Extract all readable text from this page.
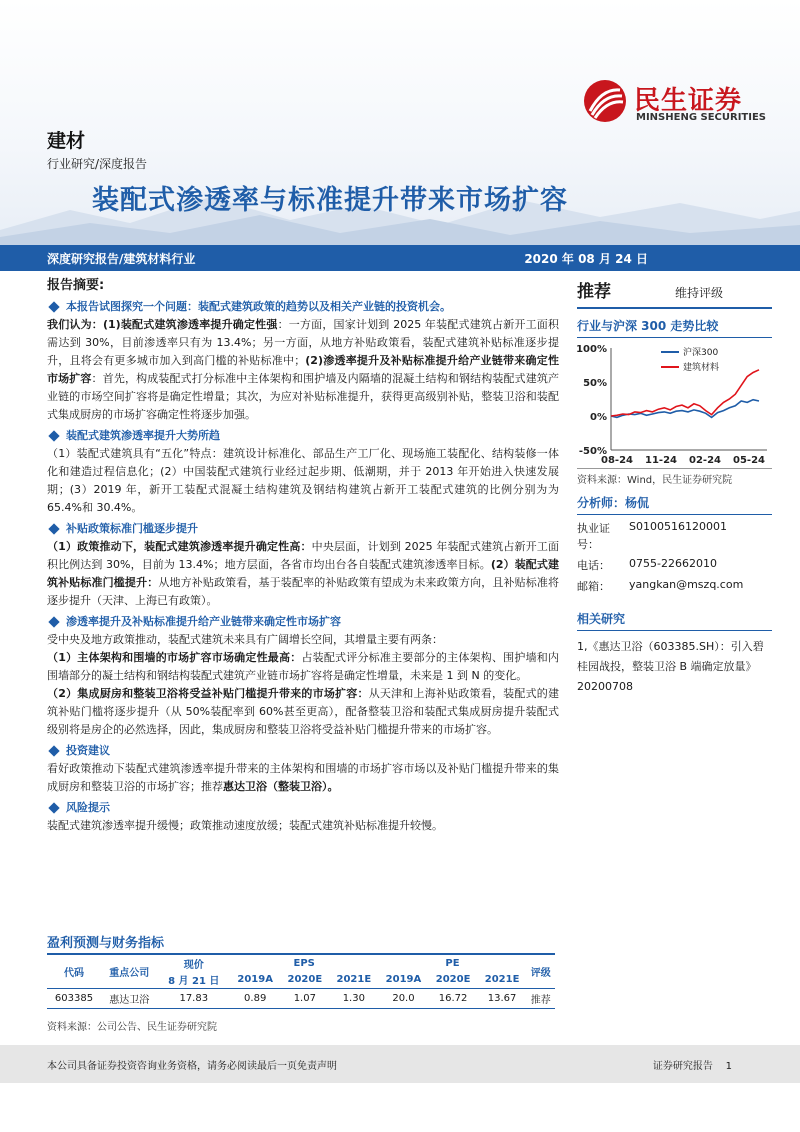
民生证券
MINSHENG SECURITIES
建材
行业研究/深度报告
装配式渗透率与标准提升带来市场扩容
深度研究报告/建筑材料行业	2020 年 08 月 24 日
报告摘要:
本报告试图探究一个问题：装配式建筑政策的趋势以及相关产业链的投资机会。

我们认为：(1)装配式建筑渗透率提升确定性强：一方面，国家计划到 2025 年装配式建筑占新开工面积需达到 30%，目前渗透率只有为 13.4%；另一方面，从地方补贴政策看，装配式建筑补贴标准逐步提升，且将会有更多城市加入到高门槛的补贴标准中；(2)渗透率提升及补贴标准提升给产业链带来确定性市场扩容：首先，构成装配式打分标准中主体架构和围护墙及内隔墙的混凝土结构和钢结构装配式建筑产业链的市场空间扩容将是确定性增量；其次，为应对补贴标准提升，获得更高级别补贴，整装卫浴和装配式集成厨房的市场扩容确定性将逐步加强。

装配式建筑渗透率提升大势所趋

（1）装配式建筑具有“五化”特点：建筑设计标准化、部品生产工厂化、现场施工装配化、结构装修一体化和建造过程信息化；(2）中国装配式建筑行业经过起步期、低潮期，并于 2013 年开始进入快速发展期；(3）2019 年，新开工装配式混凝土结构建筑及钢结构建筑占新开工装配式建筑的比例分别为为 65.4%和 30.4%。

补贴政策标准门槛逐步提升

（1）政策推动下，装配式建筑渗透率提升确定性高：中央层面，计划到 2025 年装配式建筑占新开工面积比例达到 30%，目前为 13.4%；地方层面，各省市均出台各自装配式建筑渗透率目标。(2）装配式建筑补贴标准门槛提升：从地方补贴政策看，基于装配率的补贴政策有望成为未来政策方向，且补贴标准将逐步提升（天津、上海已有政策）。

渗透率提升及补贴标准提升给产业链带来确定性市场扩容

受中央及地方政策推动，装配式建筑未来具有广阔增长空间，其增量主要有两条：

（1）主体架构和围墙的市场扩容市场确定性最高：占装配式评分标准主要部分的主体架构、围护墙和内围墙部分的凝土结构和钢结构装配式建筑产业链市场扩容将是确定性增量，未来是 1 到 N 的变化。

（2）集成厨房和整装卫浴将受益补贴门槛提升带来的市场扩容：从天津和上海补贴政策看，装配式的建筑补贴门槛将逐步提升（从 50%装配率到 60%甚至更高），配备整装卫浴和装配式集成厨房提升装配式级别将是房企的必然选择，因此，集成厨房和整装卫浴将受益补贴门槛提升带来的市场扩容。

投资建议

看好政策推动下装配式建筑渗透率提升带来的主体架构和围墙的市场扩容市场以及补贴门槛提升带来的集成厨房和整装卫浴的市场扩容；推荐惠达卫浴（整装卫浴）。

风险提示

装配式建筑渗透率提升缓慢；政策推动速度放缓；装配式建筑补贴标准提升较慢。

推荐	维持评级
行业与沪深 300 走势比较
100%
50%
0%
-50%
08-24 11-24 02-24 05-24
沪深300
建筑材料
资料来源：Wind，民生证券研究院
分析师：杨侃
执业证号：
S0100516120001
电话：	0755-22662010
邮箱：	yangkan@mszq.com
相关研究
1,《惠达卫浴（603385.SH）：引入碧桂园战投，整装卫浴 B 端确定放量》
20200708
盈利预测与财务指标
代码	重点公司	现价	EPS			PE			评级
		8 月 21 日	2019A	2020E	2021E	2019A	2020E	2021E	
603385	惠达卫浴	17.83	0.89	1.07	1.30	20.0	16.72	13.67	推荐
资料来源：公司公告、民生证券研究院
本公司具备证券投资咨询业务资格，请务必阅读最后一页免责声明	证券研究报告 1
